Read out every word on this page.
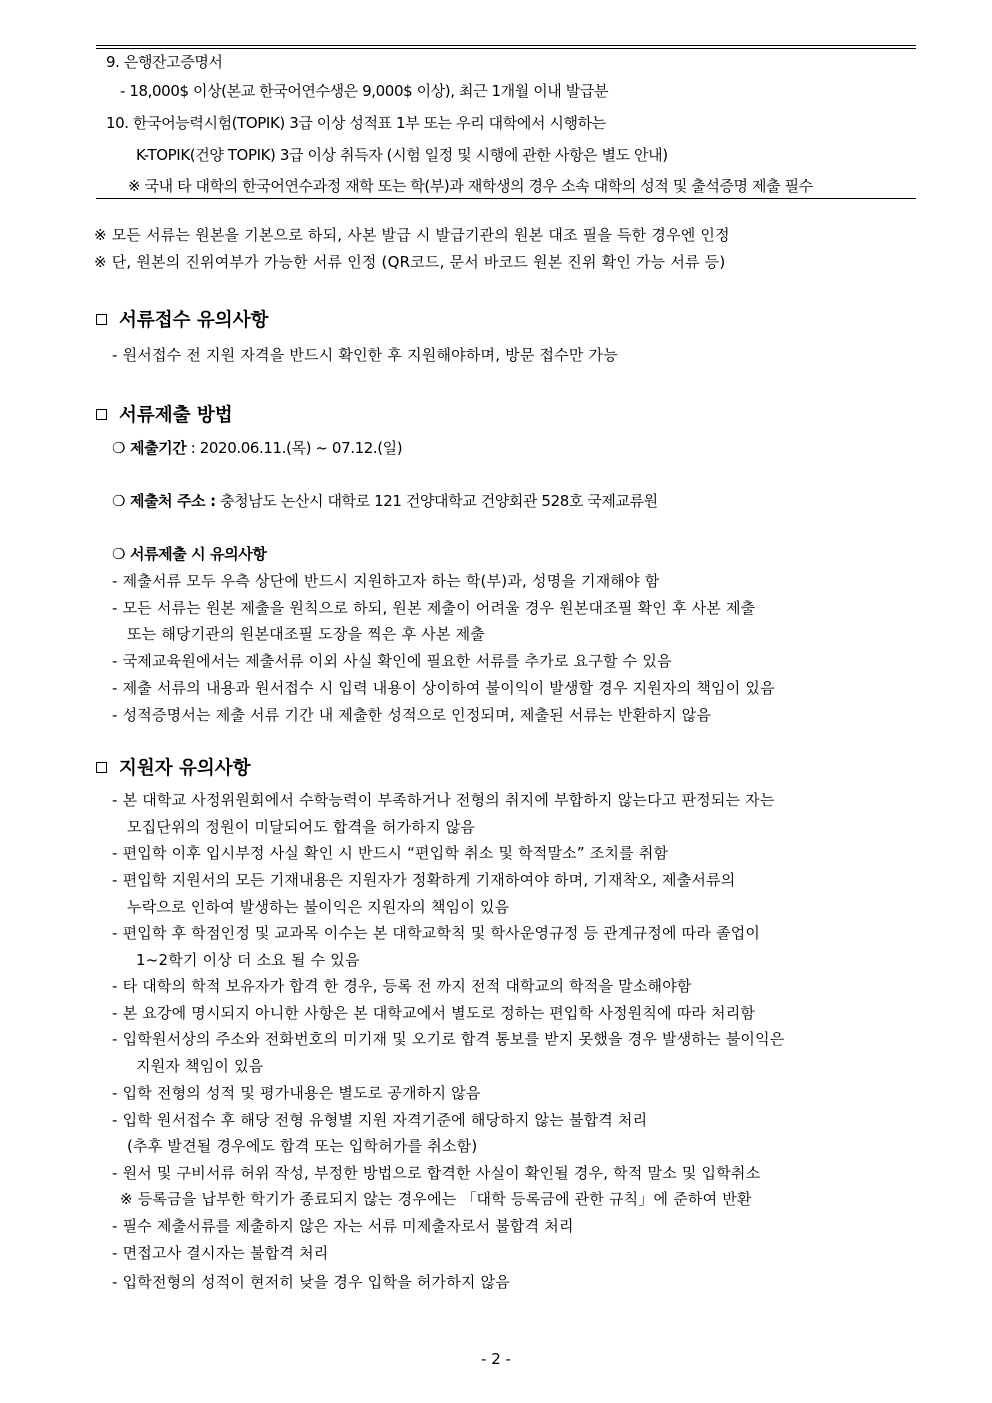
9. 은행잔고증명서
- 18,000$ 이상(본교 한국어연수생은 9,000$ 이상), 최근 1개월 이내 발급분
10. 한국어능력시험(TOPIK) 3급 이상 성적표 1부 또는 우리 대학에서 시행하는
K-TOPIK(건양 TOPIK) 3급 이상 취득자 (시험 일정 및 시행에 관한 사항은 별도 안내)
※ 국내 타 대학의 한국어연수과정 재학 또는 학(부)과 재학생의 경우 소속 대학의 성적 및 출석증명 제출 필수
※ 모든 서류는 원본을 기본으로 하되, 사본 발급 시 발급기관의 원본 대조 필을 득한 경우엔 인정
※ 단, 원본의 진위여부가 가능한 서류 인정 (QR코드, 문서 바코드 원본 진위 확인 가능 서류 등)
서류접수 유의사항
- 원서접수 전 지원 자격을 반드시 확인한 후 지원해야하며, 방문 접수만 가능
서류제출 방법
❍ 제출기간 : 2020.06.11.(목) ~ 07.12.(일)
❍ 제출처 주소 : 충청남도 논산시 대학로 121 건양대학교 건양회관 528호 국제교류원
❍ 서류제출 시 유의사항
- 제출서류 모두 우측 상단에 반드시 지원하고자 하는 학(부)과, 성명을 기재해야 함
- 모든 서류는 원본 제출을 원칙으로 하되, 원본 제출이 어려울 경우 원본대조필 확인 후 사본 제출
또는 해당기관의 원본대조필 도장을 찍은 후 사본 제출
- 국제교육원에서는 제출서류 이외 사실 확인에 필요한 서류를 추가로 요구할 수 있음
- 제출 서류의 내용과 원서접수 시 입력 내용이 상이하여 불이익이 발생할 경우 지원자의 책임이 있음
- 성적증명서는 제출 서류 기간 내 제출한 성적으로 인정되며, 제출된 서류는 반환하지 않음
지원자 유의사항
- 본 대학교 사정위원회에서 수학능력이 부족하거나 전형의 취지에 부합하지 않는다고 판정되는 자는
모집단위의 정원이 미달되어도 합격을 허가하지 않음
- 편입학 이후 입시부정 사실 확인 시 반드시 “편입학 취소 및 학적말소” 조치를 취함
- 편입학 지원서의 모든 기재내용은 지원자가 정확하게 기재하여야 하며, 기재착오, 제출서류의
누락으로 인하여 발생하는 불이익은 지원자의 책임이 있음
- 편입학 후 학점인정 및 교과목 이수는 본 대학교학칙 및 학사운영규정 등 관계규정에 따라 졸업이
1~2학기 이상 더 소요 될 수 있음
- 타 대학의 학적 보유자가 합격 한 경우, 등록 전 까지 전적 대학교의 학적을 말소해야함
- 본 요강에 명시되지 아니한 사항은 본 대학교에서 별도로 정하는 편입학 사정원칙에 따라 처리함
- 입학원서상의 주소와 전화번호의 미기재 및 오기로 합격 통보를 받지 못했을 경우 발생하는 불이익은
지원자 책임이 있음
- 입학 전형의 성적 및 평가내용은 별도로 공개하지 않음
- 입학 원서접수 후 해당 전형 유형별 지원 자격기준에 해당하지 않는 불합격 처리
(추후 발견될 경우에도 합격 또는 입학허가를 취소함)
- 원서 및 구비서류 허위 작성, 부정한 방법으로 합격한 사실이 확인될 경우, 학적 말소 및 입학취소
※ 등록금을 납부한 학기가 종료되지 않는 경우에는 「대학 등록금에 관한 규칙」에 준하여 반환
- 필수 제출서류를 제출하지 않은 자는 서류 미제출자로서 불합격 처리
- 면접고사 결시자는 불합격 처리
- 입학전형의 성적이 현저히 낮을 경우 입학을 허가하지 않음
- 2 -
